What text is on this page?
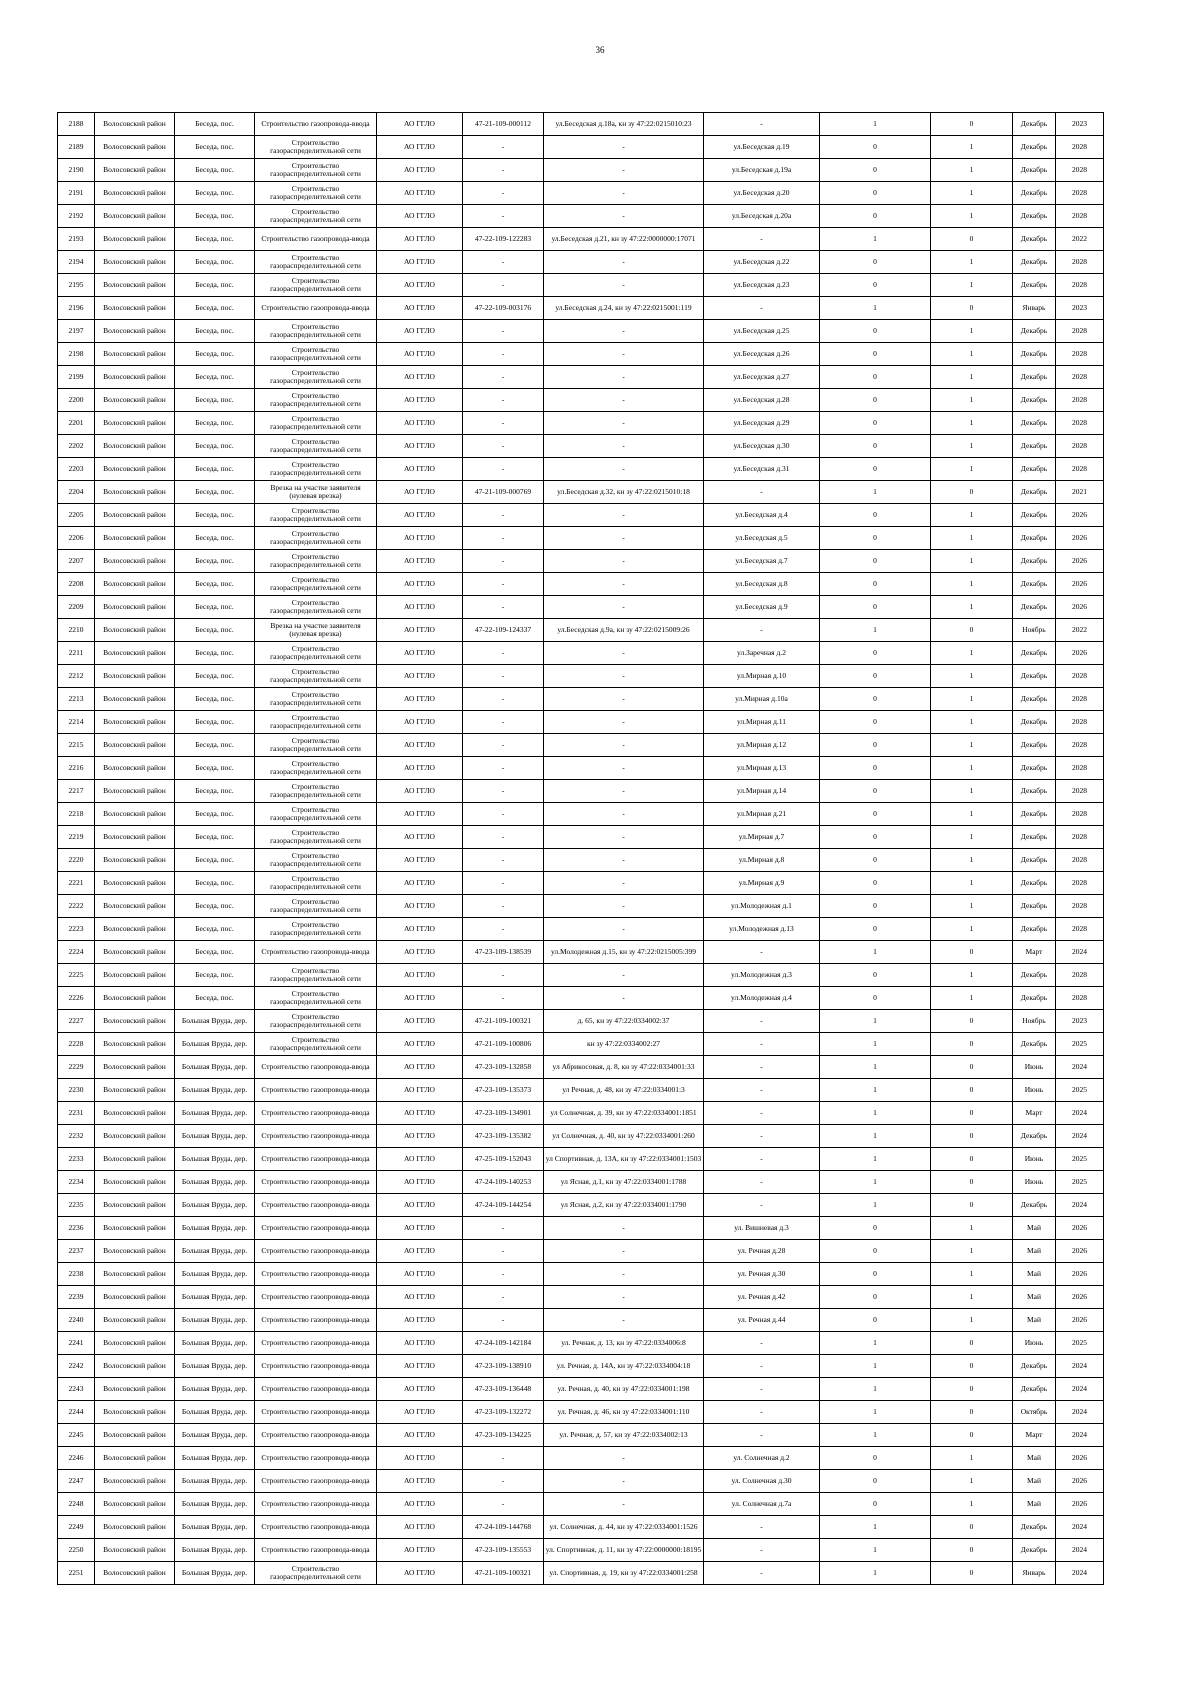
36
2188	Волосовский район	Беседа, пос.	Строительство газопровода-ввода	АО ГГЛО	47-21-109-000112	ул.Беседская д.18а, кн зу 47:22:0215010:23	-	1	0	Декабрь	2023
2189	Волосовский район	Беседа, пос.	Строительство газораспределительной сети	АО ГГЛО	-	-	ул.Беседская д.19	0	1	Декабрь	2028
2190	Волосовский район	Беседа, пос.	Строительство газораспределительной сети	АО ГГЛО	-	-	ул.Беседская д.19а	0	1	Декабрь	2028
2191	Волосовский район	Беседа, пос.	Строительство газораспределительной сети	АО ГГЛО	-	-	ул.Беседская д.20	0	1	Декабрь	2028
2192	Волосовский район	Беседа, пос.	Строительство газораспределительной сети	АО ГГЛО	-	-	ул.Беседская д.20а	0	1	Декабрь	2028
2193	Волосовский район	Беседа, пос.	Строительство газопровода-ввода	АО ГГЛО	47-22-109-122283	ул.Беседская д.21, кн зу 47:22:0000000:17071	-	1	0	Декабрь	2022
2194	Волосовский район	Беседа, пос.	Строительство газораспределительной сети	АО ГГЛО	-	-	ул.Беседская д.22	0	1	Декабрь	2028
2195	Волосовский район	Беседа, пос.	Строительство газораспределительной сети	АО ГГЛО	-	-	ул.Беседская д.23	0	1	Декабрь	2028
2196	Волосовский район	Беседа, пос.	Строительство газопровода-ввода	АО ГГЛО	47-22-109-003176	ул.Беседская д.24, кн зу 47:22:0215001:119	-	1	0	Январь	2023
2197	Волосовский район	Беседа, пос.	Строительство газораспределительной сети	АО ГГЛО	-	-	ул.Беседская д.25	0	1	Декабрь	2028
2198	Волосовский район	Беседа, пос.	Строительство газораспределительной сети	АО ГГЛО	-	-	ул.Беседская д.26	0	1	Декабрь	2028
2199	Волосовский район	Беседа, пос.	Строительство газораспределительной сети	АО ГГЛО	-	-	ул.Беседская д.27	0	1	Декабрь	2028
2200	Волосовский район	Беседа, пос.	Строительство газораспределительной сети	АО ГГЛО	-	-	ул.Беседская д.28	0	1	Декабрь	2028
2201	Волосовский район	Беседа, пос.	Строительство газораспределительной сети	АО ГГЛО	-	-	ул.Беседская д.29	0	1	Декабрь	2028
2202	Волосовский район	Беседа, пос.	Строительство газораспределительной сети	АО ГГЛО	-	-	ул.Беседская д.30	0	1	Декабрь	2028
2203	Волосовский район	Беседа, пос.	Строительство газораспределительной сети	АО ГГЛО	-	-	ул.Беседская д.31	0	1	Декабрь	2028
2204	Волосовский район	Беседа, пос.	Врезка на участке заявителя (нулевая врезка)	АО ГГЛО	47-21-109-000769	ул.Беседская д.32, кн зу 47:22:0215010:18	-	1	0	Декабрь	2021
2205	Волосовский район	Беседа, пос.	Строительство газораспределительной сети	АО ГГЛО	-	-	ул.Беседская д.4	0	1	Декабрь	2026
2206	Волосовский район	Беседа, пос.	Строительство газораспределительной сети	АО ГГЛО	-	-	ул.Беседская д.5	0	1	Декабрь	2026
2207	Волосовский район	Беседа, пос.	Строительство газораспределительной сети	АО ГГЛО	-	-	ул.Беседская д.7	0	1	Декабрь	2026
2208	Волосовский район	Беседа, пос.	Строительство газораспределительной сети	АО ГГЛО	-	-	ул.Беседская д.8	0	1	Декабрь	2026
2209	Волосовский район	Беседа, пос.	Строительство газораспределительной сети	АО ГГЛО	-	-	ул.Беседская д.9	0	1	Декабрь	2026
2210	Волосовский район	Беседа, пос.	Врезка на участке заявителя (нулевая врезка)	АО ГГЛО	47-22-109-124337	ул.Беседская д.9а, кн зу 47:22:0215009:26	-	1	0	Ноябрь	2022
2211	Волосовский район	Беседа, пос.	Строительство газораспределительной сети	АО ГГЛО	-	-	ул.Заречная д.2	0	1	Декабрь	2026
2212	Волосовский район	Беседа, пос.	Строительство газораспределительной сети	АО ГГЛО	-	-	ул.Мирная д.10	0	1	Декабрь	2028
2213	Волосовский район	Беседа, пос.	Строительство газораспределительной сети	АО ГГЛО	-	-	ул.Мирная д.10а	0	1	Декабрь	2028
2214	Волосовский район	Беседа, пос.	Строительство газораспределительной сети	АО ГГЛО	-	-	ул.Мирная д.11	0	1	Декабрь	2028
2215	Волосовский район	Беседа, пос.	Строительство газораспределительной сети	АО ГГЛО	-	-	ул.Мирная д.12	0	1	Декабрь	2028
2216	Волосовский район	Беседа, пос.	Строительство газораспределительной сети	АО ГГЛО	-	-	ул.Мирная д.13	0	1	Декабрь	2028
2217	Волосовский район	Беседа, пос.	Строительство газораспределительной сети	АО ГГЛО	-	-	ул.Мирная д.14	0	1	Декабрь	2028
2218	Волосовский район	Беседа, пос.	Строительство газораспределительной сети	АО ГГЛО	-	-	ул.Мирная д.21	0	1	Декабрь	2028
2219	Волосовский район	Беседа, пос.	Строительство газораспределительной сети	АО ГГЛО	-	-	ул.Мирная д.7	0	1	Декабрь	2028
2220	Волосовский район	Беседа, пос.	Строительство газораспределительной сети	АО ГГЛО	-	-	ул.Мирная д.8	0	1	Декабрь	2028
2221	Волосовский район	Беседа, пос.	Строительство газораспределительной сети	АО ГГЛО	-	-	ул.Мирная д.9	0	1	Декабрь	2028
2222	Волосовский район	Беседа, пос.	Строительство газораспределительной сети	АО ГГЛО	-	-	ул.Молодежная д.1	0	1	Декабрь	2028
2223	Волосовский район	Беседа, пос.	Строительство газораспределительной сети	АО ГГЛО	-	-	ул.Молодежная д.13	0	1	Декабрь	2028
2224	Волосовский район	Беседа, пос.	Строительство газопровода-ввода	АО ГГЛО	47-23-109-138539	ул.Молодежная д.15, кн зу 47:22:0215005:399	-	1	0	Март	2024
2225	Волосовский район	Беседа, пос.	Строительство газораспределительной сети	АО ГГЛО	-	-	ул.Молодежная д.3	0	1	Декабрь	2028
2226	Волосовский район	Беседа, пос.	Строительство газораспределительной сети	АО ГГЛО	-	-	ул.Молодежная д.4	0	1	Декабрь	2028
2227	Волосовский район	Большая Вруда, дер.	Строительство газораспределительной сети	АО ГГЛО	47-21-109-100321	д. 65, кн зу 47:22:0334002:37	-	1	0	Ноябрь	2023
2228	Волосовский район	Большая Вруда, дер.	Строительство газораспределительной сети	АО ГГЛО	47-21-109-100806	кн зу 47:22:0334002:27	-	1	0	Декабрь	2025
2229	Волосовский район	Большая Вруда, дер.	Строительство газопровода-ввода	АО ГГЛО	47-23-109-132858	ул Абрикосовая, д. 8, кн зу 47:22:0334001:33	-	1	0	Июнь	2024
2230	Волосовский район	Большая Вруда, дер.	Строительство газопровода-ввода	АО ГГЛО	47-23-109-135373	ул Речная, д. 48, кн зу 47:22:0334001:3	-	1	0	Июнь	2025
2231	Волосовский район	Большая Вруда, дер.	Строительство газопровода-ввода	АО ГГЛО	47-23-109-134901	ул Солнечная, д. 39, кн зу 47:22:0334001:1851	-	1	0	Март	2024
2232	Волосовский район	Большая Вруда, дер.	Строительство газопровода-ввода	АО ГГЛО	47-23-109-135382	ул Солнечная, д. 40, кн зу 47:22:0334001:260	-	1	0	Декабрь	2024
2233	Волосовский район	Большая Вруда, дер.	Строительство газопровода-ввода	АО ГГЛО	47-25-109-152043	ул Спортивная, д. 13А, кн зу 47:22:0334001:1503	-	1	0	Июнь	2025
2234	Волосовский район	Большая Вруда, дер.	Строительство газопровода-ввода	АО ГГЛО	47-24-109-140253	ул Ясная, д.1, кн зу 47:22:0334001:1788	-	1	0	Июнь	2025
2235	Волосовский район	Большая Вруда, дер.	Строительство газопровода-ввода	АО ГГЛО	47-24-109-144254	ул Ясная, д.2, кн зу 47:22:0334001:1790	-	1	0	Декабрь	2024
2236	Волосовский район	Большая Вруда, дер.	Строительство газопровода-ввода	АО ГГЛО	-	-	ул. Вишневая д.3	0	1	Май	2026
2237	Волосовский район	Большая Вруда, дер.	Строительство газопровода-ввода	АО ГГЛО	-	-	ул. Речная д.28	0	1	Май	2026
2238	Волосовский район	Большая Вруда, дер.	Строительство газопровода-ввода	АО ГГЛО	-	-	ул. Речная д.30	0	1	Май	2026
2239	Волосовский район	Большая Вруда, дер.	Строительство газопровода-ввода	АО ГГЛО	-	-	ул. Речная д.42	0	1	Май	2026
2240	Волосовский район	Большая Вруда, дер.	Строительство газопровода-ввода	АО ГГЛО	-	-	ул. Речная д.44	0	1	Май	2026
2241	Волосовский район	Большая Вруда, дер.	Строительство газопровода-ввода	АО ГГЛО	47-24-109-142184	ул. Речная, д. 13, кн зу 47:22:0334006:8	-	1	0	Июнь	2025
2242	Волосовский район	Большая Вруда, дер.	Строительство газопровода-ввода	АО ГГЛО	47-23-109-138910	ул. Речная, д. 14А, кн зу 47:22:0334004:18	-	1	0	Декабрь	2024
2243	Волосовский район	Большая Вруда, дер.	Строительство газопровода-ввода	АО ГГЛО	47-23-109-136448	ул. Речная, д. 40, кн зу 47:22:0334001:198	-	1	0	Декабрь	2024
2244	Волосовский район	Большая Вруда, дер.	Строительство газопровода-ввода	АО ГГЛО	47-23-109-132272	ул. Речная, д. 46, кн зу 47:22:0334001:110	-	1	0	Октябрь	2024
2245	Волосовский район	Большая Вруда, дер.	Строительство газопровода-ввода	АО ГГЛО	47-23-109-134225	ул. Речная, д. 57, кн зу 47:22:0334002:13	-	1	0	Март	2024
2246	Волосовский район	Большая Вруда, дер.	Строительство газопровода-ввода	АО ГГЛО	-	-	ул. Солнечная д.2	0	1	Май	2026
2247	Волосовский район	Большая Вруда, дер.	Строительство газопровода-ввода	АО ГГЛО	-	-	ул. Солнечная д.30	0	1	Май	2026
2248	Волосовский район	Большая Вруда, дер.	Строительство газопровода-ввода	АО ГГЛО	-	-	ул. Солнечная д.7а	0	1	Май	2026
2249	Волосовский район	Большая Вруда, дер.	Строительство газопровода-ввода	АО ГГЛО	47-24-109-144768	ул. Солнечная, д. 44, кн зу 47:22:0334001:1526	-	1	0	Декабрь	2024
2250	Волосовский район	Большая Вруда, дер.	Строительство газопровода-ввода	АО ГГЛО	47-23-109-135553	ул. Спортивная, д. 11, кн зу 47:22:0000000:18195	-	1	0	Декабрь	2024
2251	Волосовский район	Большая Вруда, дер.	Строительство газораспределительной сети	АО ГГЛО	47-21-109-100321	ул. Спортивная, д. 19, кн зу 47:22:0334001:258	-	1	0	Январь	2024
